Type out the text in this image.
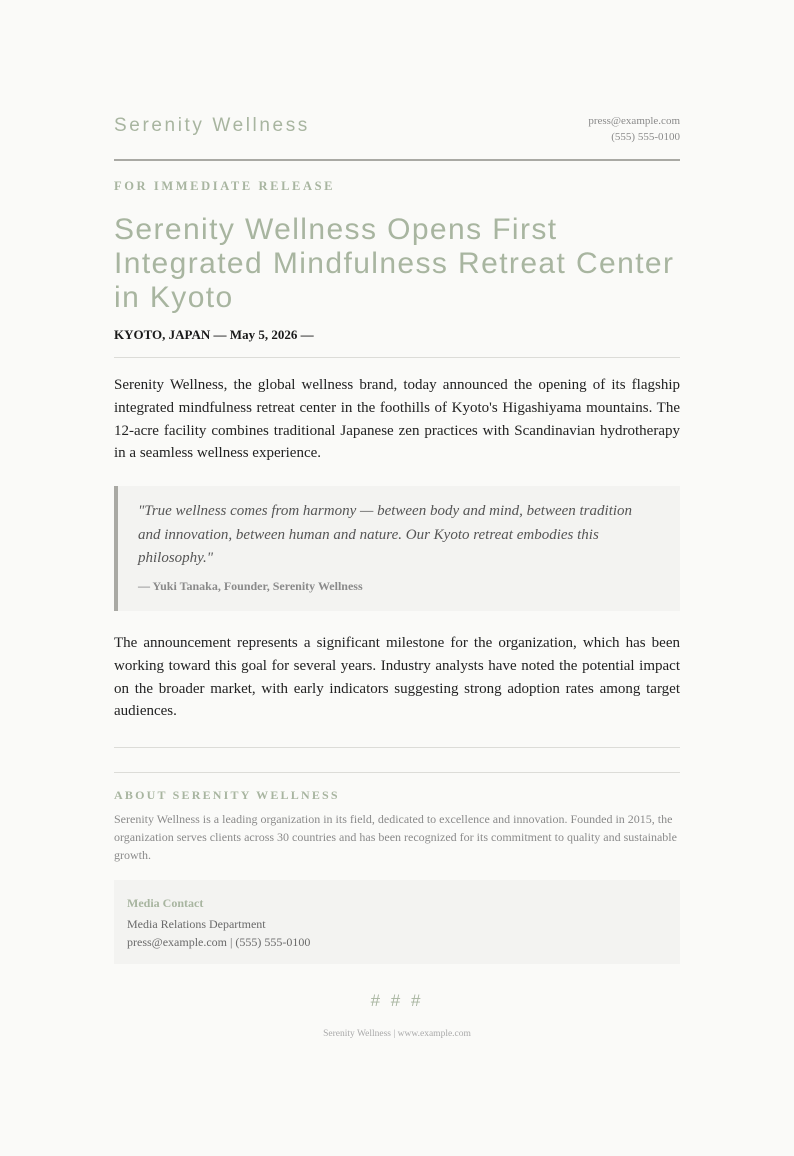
Serenity Wellness	press@example.com
(555) 555-0100
FOR IMMEDIATE RELEASE
Serenity Wellness Opens First Integrated Mindfulness Retreat Center in Kyoto
KYOTO, JAPAN — May 5, 2026 —

Serenity Wellness, the global wellness brand, today announced the opening of its flagship integrated mindfulness retreat center in the foothills of Kyoto's Higashiyama mountains. The 12-acre facility combines traditional Japanese zen practices with Scandinavian hydrotherapy in a seamless wellness experience.

"True wellness comes from harmony — between body and mind, between tradition and innovation, between human and nature. Our Kyoto retreat embodies this philosophy."

— Yuki Tanaka, Founder, Serenity Wellness

The announcement represents a significant milestone for the organization, which has been working toward this goal for several years. Industry analysts have noted the potential impact on the broader market, with early indicators suggesting strong adoption rates among target audiences.

ABOUT SERENITY WELLNESS

Serenity Wellness is a leading organization in its field, dedicated to excellence and innovation. Founded in 2015, the organization serves clients across 30 countries and has been recognized for its commitment to quality and sustainable growth.

Media Contact
Media Relations Department
press@example.com | (555) 555-0100
# # #
Serenity Wellness | www.example.com
